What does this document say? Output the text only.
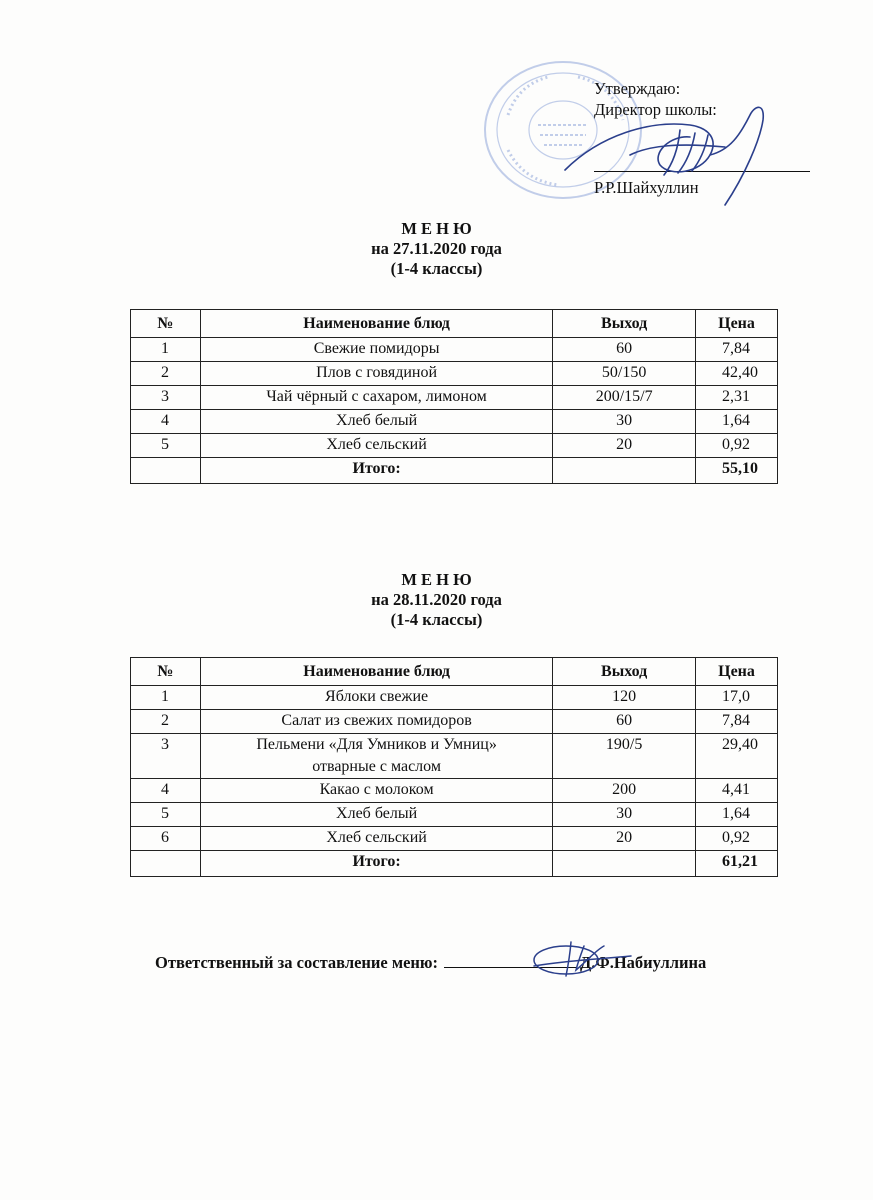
Утверждаю:
Директор школы:
Р.Р.Шайхуллин
М Е Н Ю
на 27.11.2020 года
(1-4 классы)
№	Наименование блюд	Выход	Цена
1	Свежие помидоры	60	7,84
2	Плов с говядиной	50/150	42,40
3	Чай чёрный с сахаром, лимоном	200/15/7	2,31
4	Хлеб белый	30	1,64
5	Хлеб сельский	20	0,92
	Итого:		55,10
М Е Н Ю
на 28.11.2020 года
(1-4 классы)
№	Наименование блюд	Выход	Цена
1	Яблоки свежие	120	17,0
2	Салат из свежих помидоров	60	7,84
3	Пельмени «Для Умников и Умниц»
отварные с маслом	190/5	29,40
4	Какао с молоком	200	4,41
5	Хлеб белый	30	1,64
6	Хлеб сельский	20	0,92
	Итого:		61,21
Ответственный за составление меню:	Д.Ф.Набиуллина
